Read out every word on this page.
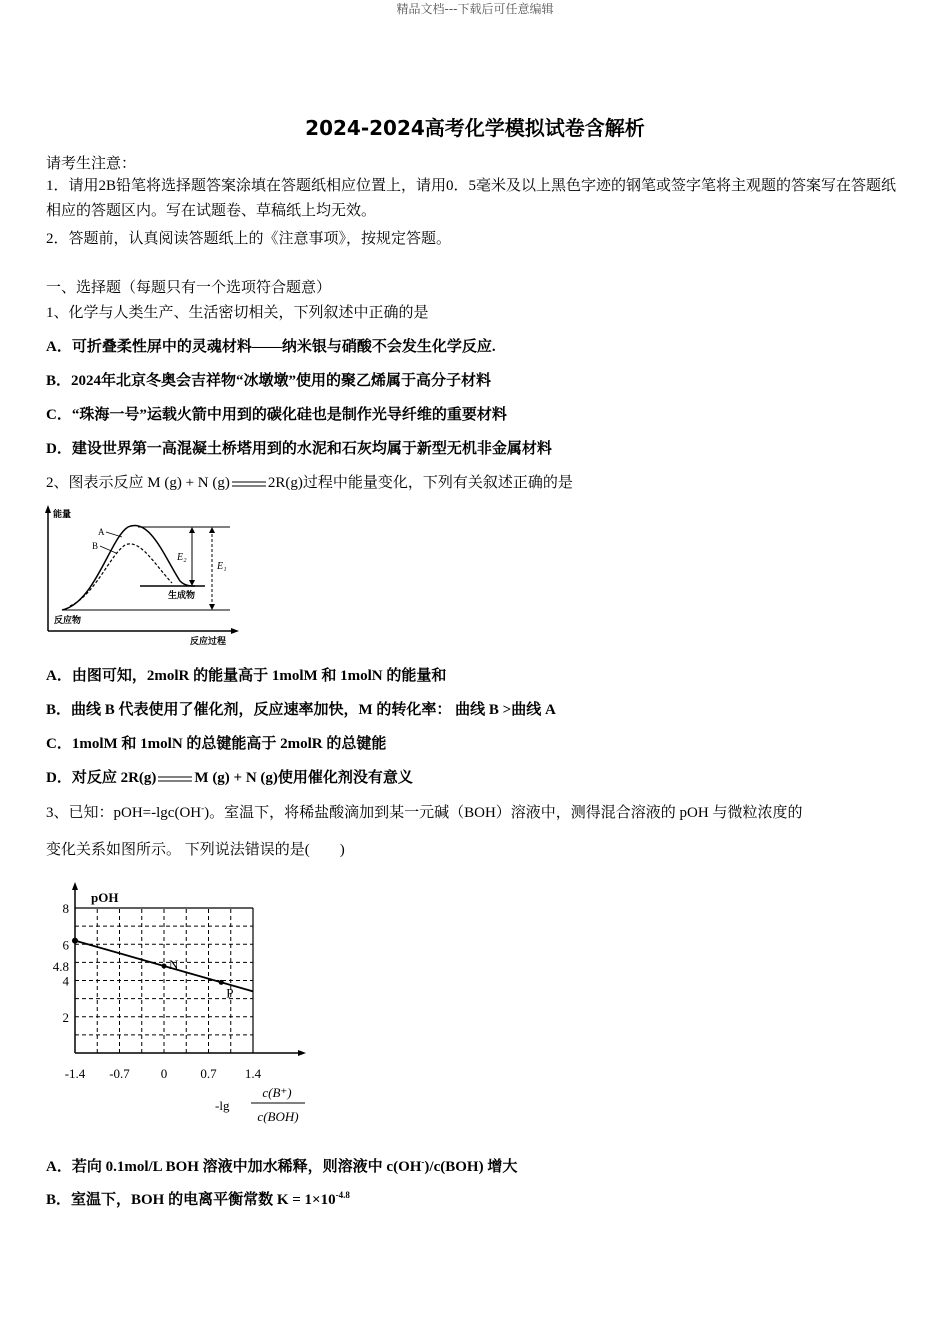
精品文档---下载后可任意编辑
2024-2024高考化学模拟试卷含解析
请考生注意：
1．请用2B铅笔将选择题答案涂填在答题纸相应位置上，请用0．5毫米及以上黑色字迹的钢笔或签字笔将主观题的答案写在答题纸相应的答题区内。写在试题卷、草稿纸上均无效。
2．答题前，认真阅读答题纸上的《注意事项》，按规定答题。
一、选择题（每题只有一个选项符合题意）
1、化学与人类生产、生活密切相关，下列叙述中正确的是
A．可折叠柔性屏中的灵魂材料——纳米银与硝酸不会发生化学反应.
B．2024年北京冬奥会吉祥物“冰墩墩”使用的聚乙烯属于高分子材料
C．“珠海一号”运载火箭中用到的碳化硅也是制作光导纤维的重要材料
D．建设世界第一高混凝土桥塔用到的水泥和石灰均属于新型无机非金属材料
2、图表示反应 M (g) + N (g)	2R(g)过程中能量变化，下列有关叙述正确的是
能量
反应过程
A
B
E₂
E₁
生成物
反应物
A．由图可知，2molR 的能量高于 1molM 和 1molN 的能量和
B．曲线 B 代表使用了催化剂，反应速率加快，M 的转化率： 曲线 B >曲线 A
C．1molM 和 1molN 的总键能高于 2molR 的总键能
D．对反应 2R(g)	M (g) + N (g)使用催化剂没有意义
3、已知：pOH=-lgc(OH-)。室温下，将稀盐酸滴加到某一元碱（BOH）溶液中，测得混合溶液的 pOH 与微粒浓度的
变化关系如图所示。 下列说法错误的是(　　)
pOH
2
4
4.8
6
8
-1.4 -0.7 0	0.7 1.4
N
P
-lg
c(B⁺)
c(BOH)
A．若向 0.1mol/L BOH 溶液中加水稀释，则溶液中 c(OH-)/c(BOH) 增大
B．室温下，BOH 的电离平衡常数 $K = 1\times 10^{-4.8}$
